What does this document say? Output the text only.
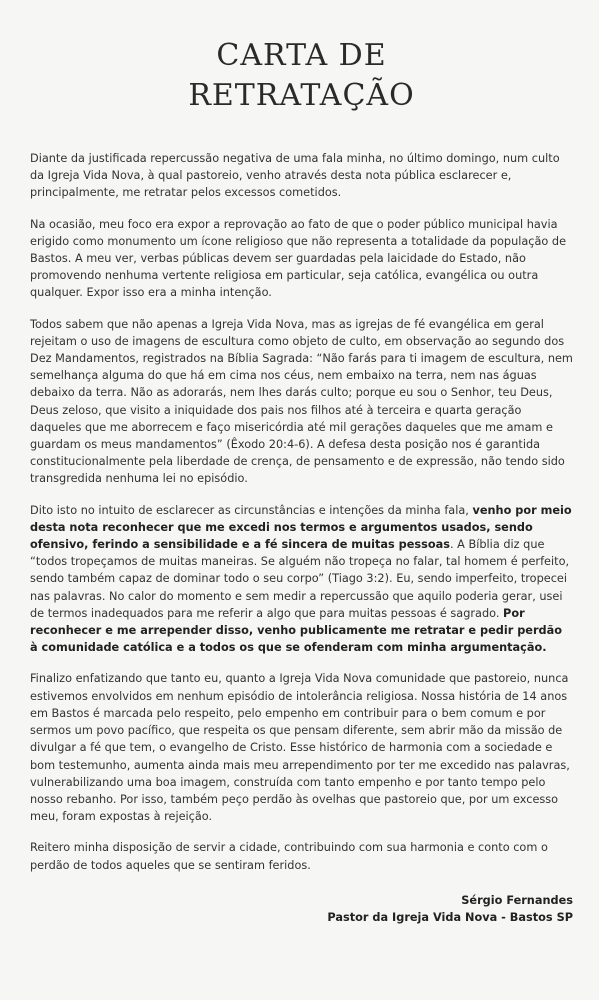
CARTA DE
RETRATAÇÃO

Diante da justificada repercussão negativa de uma fala minha, no último domingo, num culto da Igreja Vida Nova, à qual pastoreio, venho através desta nota pública esclarecer e, principalmente, me retratar pelos excessos cometidos.

Na ocasião, meu foco era expor a reprovação ao fato de que o poder público municipal havia erigido como monumento um ícone religioso que não representa a totalidade da população de Bastos. A meu ver, verbas públicas devem ser guardadas pela laicidade do Estado, não promovendo nenhuma vertente religiosa em particular, seja católica, evangélica ou outra qualquer. Expor isso era a minha intenção.

Todos sabem que não apenas a Igreja Vida Nova, mas as igrejas de fé evangélica em geral rejeitam o uso de imagens de escultura como objeto de culto, em observação ao segundo dos Dez Mandamentos, registrados na Bíblia Sagrada: “Não farás para ti imagem de escultura, nem semelhança alguma do que há em cima nos céus, nem embaixo na terra, nem nas águas debaixo da terra. Não as adorarás, nem lhes darás culto; porque eu sou o Senhor, teu Deus, Deus zeloso, que visito a iniquidade dos pais nos filhos até à terceira e quarta geração daqueles que me aborrecem e faço misericórdia até mil gerações daqueles que me amam e guardam os meus mandamentos” (Êxodo 20:4-6). A defesa desta posição nos é garantida constitucionalmente pela liberdade de crença, de pensamento e de expressão, não tendo sido transgredida nenhuma lei no episódio.

Dito isto no intuito de esclarecer as circunstâncias e intenções da minha fala, venho por meio desta nota reconhecer que me excedi nos termos e argumentos usados, sendo ofensivo, ferindo a sensibilidade e a fé sincera de muitas pessoas. A Bíblia diz que “todos tropeçamos de muitas maneiras. Se alguém não tropeça no falar, tal homem é perfeito, sendo também capaz de dominar todo o seu corpo” (Tiago 3:2). Eu, sendo imperfeito, tropecei nas palavras. No calor do momento e sem medir a repercussão que aquilo poderia gerar, usei de termos inadequados para me referir a algo que para muitas pessoas é sagrado. Por reconhecer e me arrepender disso, venho publicamente me retratar e pedir perdão à comunidade católica e a todos os que se ofenderam com minha argumentação.

Finalizo enfatizando que tanto eu, quanto a Igreja Vida Nova comunidade que pastoreio, nunca estivemos envolvidos em nenhum episódio de intolerância religiosa. Nossa história de 14 anos em Bastos é marcada pelo respeito, pelo empenho em contribuir para o bem comum e por sermos um povo pacífico, que respeita os que pensam diferente, sem abrir mão da missão de divulgar a fé que tem, o evangelho de Cristo. Esse histórico de harmonia com a sociedade e bom testemunho, aumenta ainda mais meu arrependimento por ter me excedido nas palavras, vulnerabilizando uma boa imagem, construída com tanto empenho e por tanto tempo pelo nosso rebanho. Por isso, também peço perdão às ovelhas que pastoreio que, por um excesso meu, foram expostas à rejeição.

Reitero minha disposição de servir a cidade, contribuindo com sua harmonia e conto com o perdão de todos aqueles que se sentiram feridos.

Sérgio Fernandes
Pastor da Igreja Vida Nova - Bastos SP
